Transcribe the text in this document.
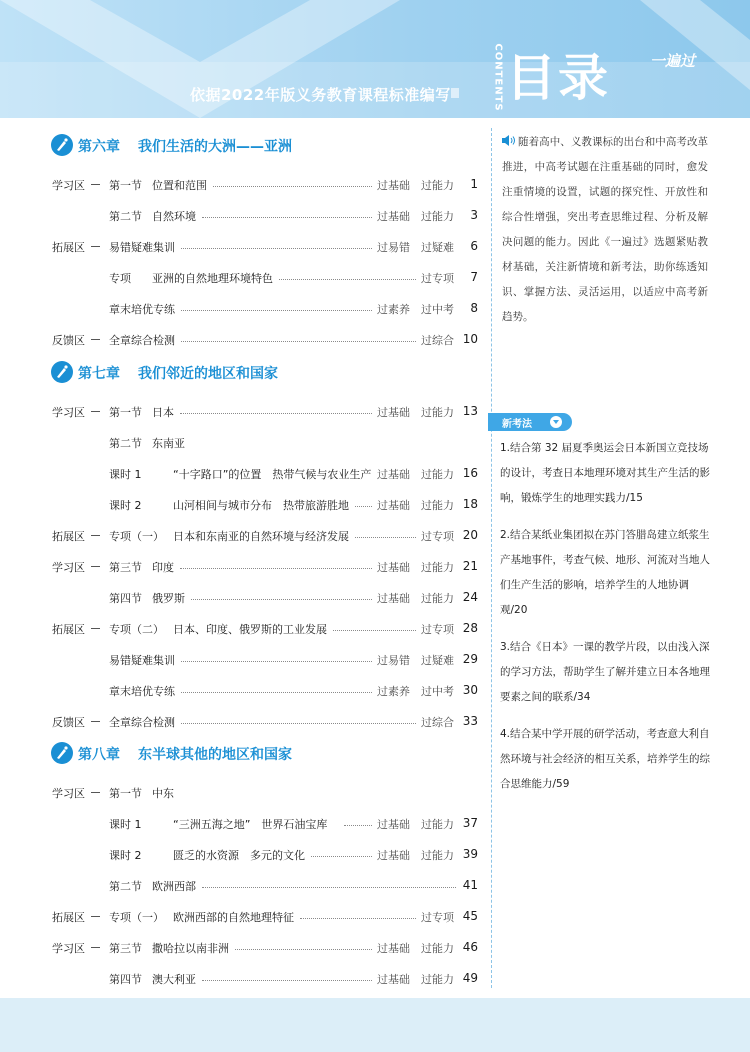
依据2022年版义务教育课程标准编写	CONTENTS 目录	一遍过
第六章 我们生活的大洲——亚洲
第七章 我们邻近的地区和国家
第八章 东半球其他的地区和国家
学习区 第一节 位置和范围	过基础 过能力 1
第二节 自然环境	过基础 过能力 3
拓展区 易错疑难集训	过易错 过疑难 6
专项 亚洲的自然地理环境特色	过专项 7
章末培优专练	过素养 过中考 8
反馈区 全章综合检测	过综合 10
学习区 第一节 日本	过基础 过能力 13
第二节 东南亚
课时 1	“十字路口”的位置　热带气候与农业生产 过基础 过能力 16
课时 2	山河相间与城市分布　热带旅游胜地	过基础 过能力 18
拓展区 专项（一） 日本和东南亚的自然环境与经济发展	过专项 20
学习区 第三节 印度	过基础 过能力 21
第四节 俄罗斯	过基础 过能力 24
拓展区 专项（二） 日本、印度、俄罗斯的工业发展	过专项 28
易错疑难集训	过易错 过疑难 29
章末培优专练	过素养 过中考 30
反馈区 全章综合检测	过综合 33
学习区 第一节 中东
课时 1	“三洲五海之地”　世界石油宝库	过基础 过能力 37
课时 2	匮乏的水资源　多元的文化	过基础 过能力 39
第二节 欧洲西部	41
拓展区 专项（一） 欧洲西部的自然地理特征	过专项 45
学习区 第三节 撒哈拉以南非洲	过基础 过能力 46
第四节 澳大利亚	过基础 过能力 49
随着高中、义教课标的出台和中高考改革推进，中高考试题在注重基础的同时，愈发注重情境的设置，试题的探究性、开放性和综合性增强，突出考查思维过程、分析及解决问题的能力。因此《一遍过》选题紧贴教材基础，关注新情境和新考法，助你练透知识、掌握方法、灵活运用，以适应中高考新趋势。
新考法
1.结合第 32 届夏季奥运会日本新国立竞技场的设计，考查日本地理环境对其生产生活的影响，锻炼学生的地理实践力/15
2.结合某纸业集团拟在苏门答腊岛建立纸浆生产基地事件，考查气候、地形、河流对当地人们生产生活的影响，培养学生的人地协调观/20
3.结合《日本》一课的教学片段，以由浅入深的学习方法，帮助学生了解并建立日本各地理要素之间的联系/34
4.结合某中学开展的研学活动，考查意大利自然环境与社会经济的相互关系，培养学生的综合思维能力/59
